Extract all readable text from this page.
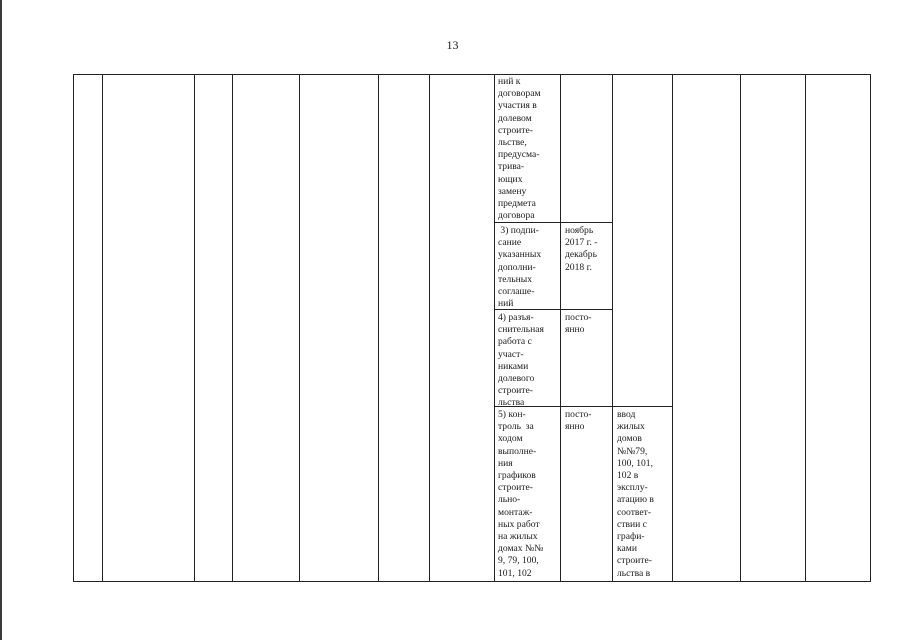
13
ний к
договорам
участия в
долевом
строите-
льстве,
предусма-
трива-
ющих
замену
предмета
договора
3) подпи-
сание
указанных
дополни-
тельных
соглаше-
ний
ноябрь
2017 г. -
декабрь
2018 г.
4) разъя-
снительная
работа с
участ-
никами
долевого
строите-
льства
посто-
янно
5) кон-
троль  за
ходом
выполне-
ния
графиков
строите-
льно-
монтаж-
ных работ
на жилых
домах №№
9, 79, 100,
101, 102
посто-
янно
ввод
жилых
домов
№№79,
100, 101,
102 в
эксплу-
атацию в
соответ-
ствии с
графи-
ками
строите-
льства в
